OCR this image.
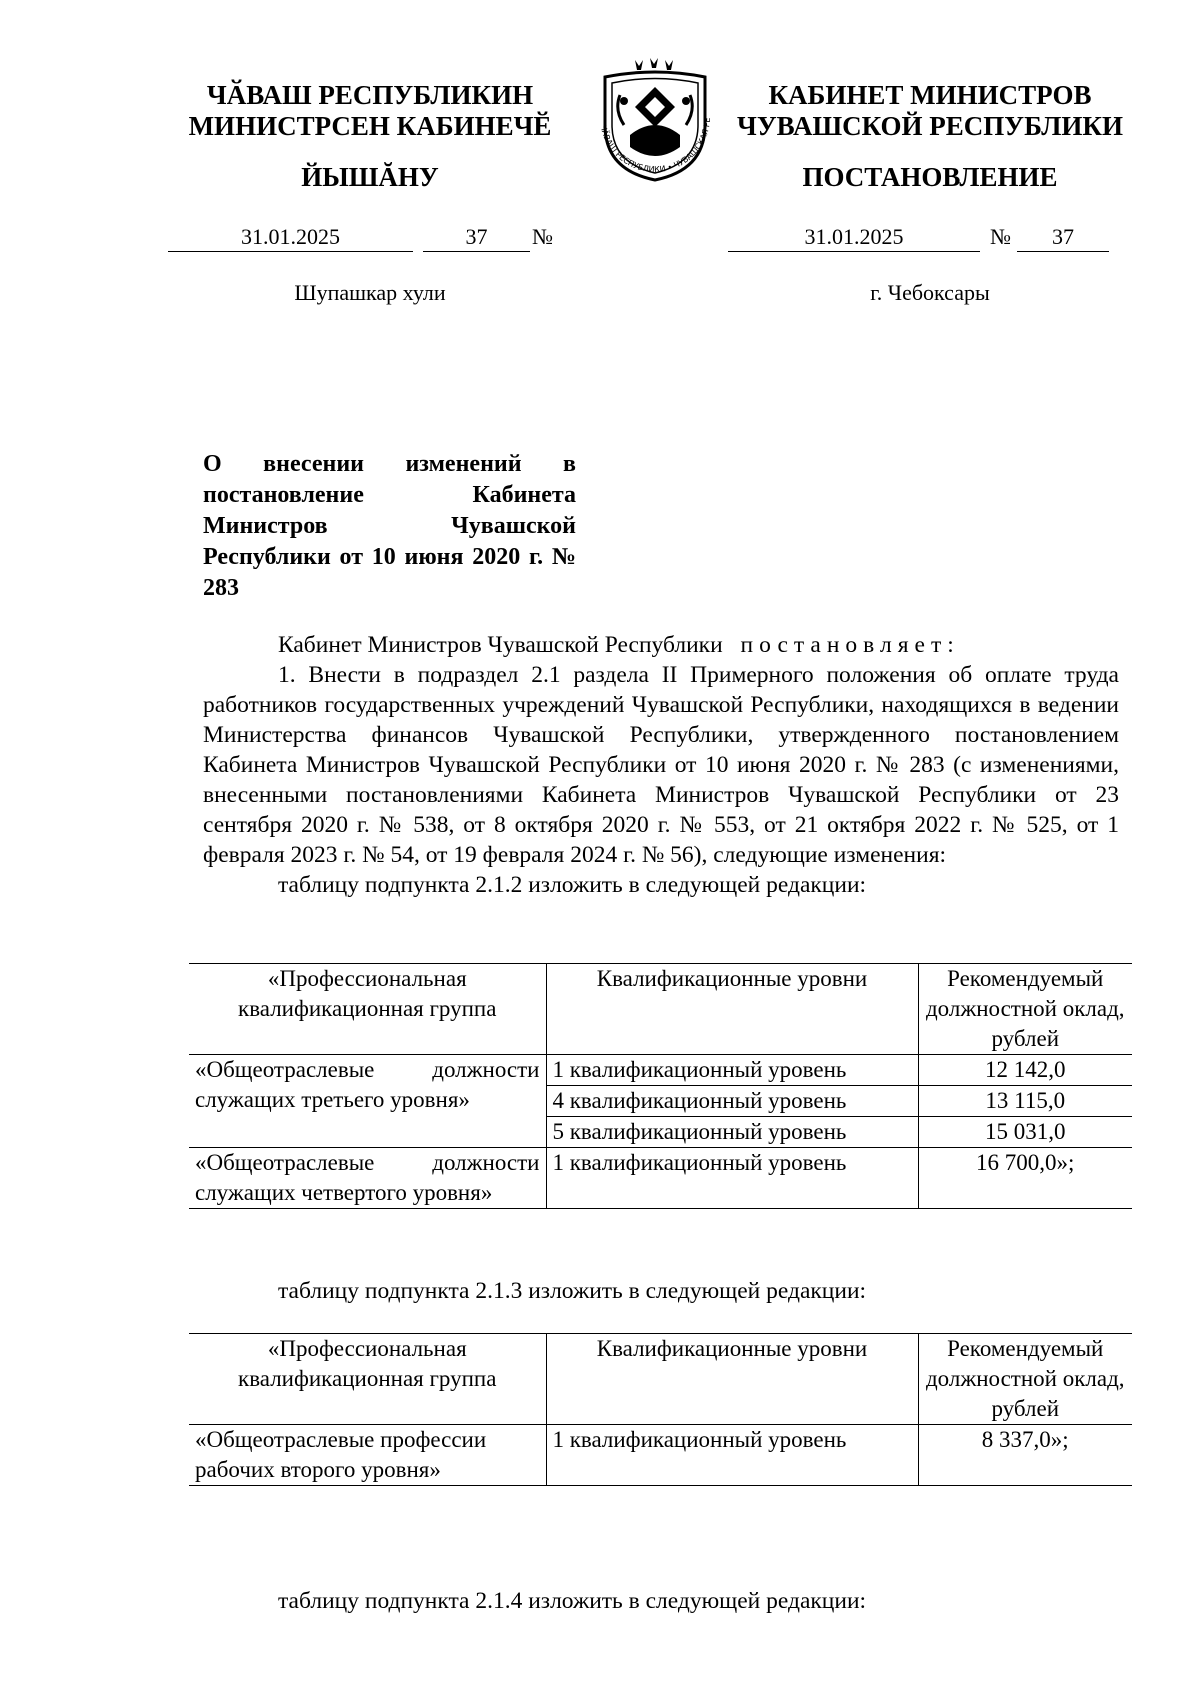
ЧӐВАШ РЕСПУБЛИКИН
МИНИСТРСЕН КАБИНЕЧӖ
ЙЫШĂНУ
ЧĂВАШ РЕСПУБЛИКИ • ЧУВАШСКАЯ РЕ
КАБИНЕТ МИНИСТРОВ
ЧУВАШСКОЙ РЕСПУБЛИКИ
ПОСТАНОВЛЕНИЕ
31.01.2025	37	№	31.01.2025	№	37
Шупашкар хули	г. Чебоксары
О внесении изменений в постановление Кабинета Министров Чувашской Республики от 10 июня 2020 г. № 283
Кабинет Министров Чувашской Республики постановляет:
1. Внести в подраздел 2.1 раздела II Примерного положения об оплате труда работников государственных учреждений Чувашской Республики, находящихся в ведении Министерства финансов Чувашской Республики, утвержденного постановлением Кабинета Министров Чувашской Республики от 10 июня 2020 г. № 283 (с изменениями, внесенными постановлениями Кабинета Министров Чувашской Республики от 23 сентября 2020 г. № 538, от 8 октября 2020 г. № 553, от 21 октября 2022 г. № 525, от 1 февраля 2023 г. № 54, от 19 февраля 2024 г. № 56), следующие изменения:
таблицу подпункта 2.1.2 изложить в следующей редакции:
«Профессиональная квалификационная группа	Квалификационные уровни	Рекомендуемый должностной оклад, рублей
«Общеотраслевые должности служащих третьего уровня»	1 квалификационный уровень	12 142,0
	4 квалификационный уровень	13 115,0
	5 квалификационный уровень	15 031,0
«Общеотраслевые должности служащих четвертого уровня»	1 квалификационный уровень	16 700,0»;
таблицу подпункта 2.1.3 изложить в следующей редакции:
«Профессиональная квалификационная группа	Квалификационные уровни	Рекомендуемый должностной оклад, рублей
«Общеотраслевые профессии рабочих второго уровня»	1 квалификационный уровень	8 337,0»;
таблицу подпункта 2.1.4 изложить в следующей редакции:
